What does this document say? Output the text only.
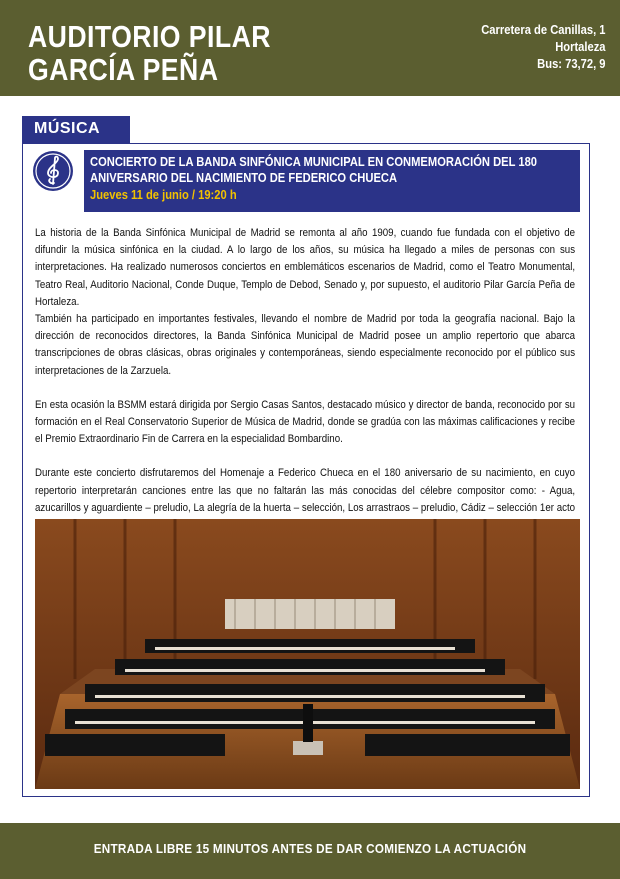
AUDITORIO PILAR
GARCÍA PEÑA
Carretera de Canillas, 1
Hortaleza
Bus: 73,72, 9
MÚSICA
CONCIERTO DE LA BANDA SINFÓNICA MUNICIPAL EN CONMEMORACIÓN DEL 180 ANIVERSARIO DEL NACIMIENTO DE FEDERICO CHUECA
Jueves 11 de junio / 19:20 h

La historia de la Banda Sinfónica Municipal de Madrid se remonta al año 1909, cuando fue fundada con el objetivo de difundir la música sinfónica en la ciudad. A lo largo de los años, su música ha llegado a miles de personas con sus interpretaciones. Ha realizado numerosos conciertos en emblemáticos escenarios de Madrid, como el Teatro Monumental, Teatro Real, Auditorio Nacional, Conde Duque, Templo de Debod, Senado y, por supuesto, el auditorio Pilar García Peña de Hortaleza.

También ha participado en importantes festivales, llevando el nombre de Madrid por toda la geografía nacional. Bajo la dirección de reconocidos directores, la Banda Sinfónica Municipal de Madrid posee un amplio repertorio que abarca transcripciones de obras clásicas, obras originales y contemporáneas, siendo especialmente reconocido por el público sus interpretaciones de la Zarzuela.

En esta ocasión la BSMM estará dirigida por Sergio Casas Santos, destacado músico y director de banda, reconocido por su formación en el Real Conservatorio Superior de Música de Madrid, donde se gradúa con las máximas calificaciones y recibe el Premio Extraordinario Fin de Carrera en la especialidad Bombardino.

Durante este concierto disfrutaremos del Homenaje a Federico Chueca en el 180 aniversario de su nacimiento, en cuyo repertorio interpretarán canciones entre las que no faltarán las más conocidas del célebre compositor como: - Agua, azucarillos y aguardiente – preludio, La alegría de la huerta – selección, Los arrastraos – preludio, Cádiz – selección 1er acto

ENTRADA LIBRE 15 MINUTOS ANTES DE DAR COMIENZO LA ACTUACIÓN
